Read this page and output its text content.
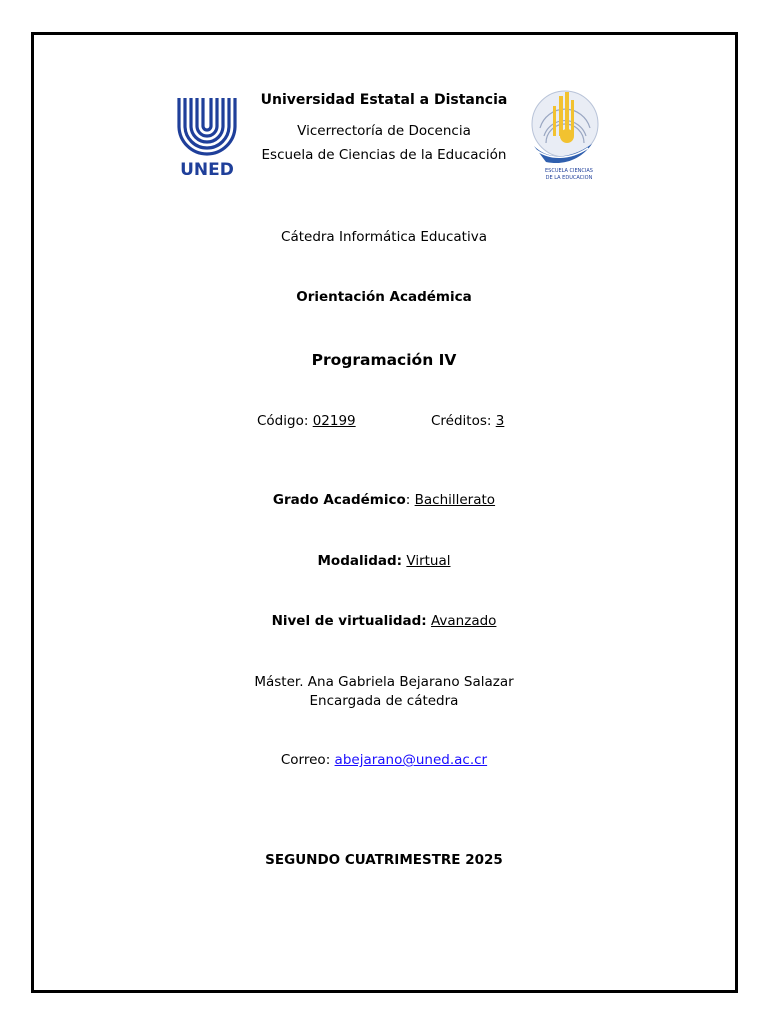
UNED
Universidad Estatal a Distancia
Vicerrectoría de Docencia
Escuela de Ciencias de la Educación
ESCUELA CIENCIAS
DE LA EDUCACION
Cátedra Informática Educativa
Orientación Académica
Programación IV
Código: 02199	Créditos: 3
Grado Académico: Bachillerato
Modalidad: Virtual
Nivel de virtualidad: Avanzado
Máster. Ana Gabriela Bejarano Salazar
Encargada de cátedra
Correo: abejarano@uned.ac.cr
SEGUNDO CUATRIMESTRE 2025
